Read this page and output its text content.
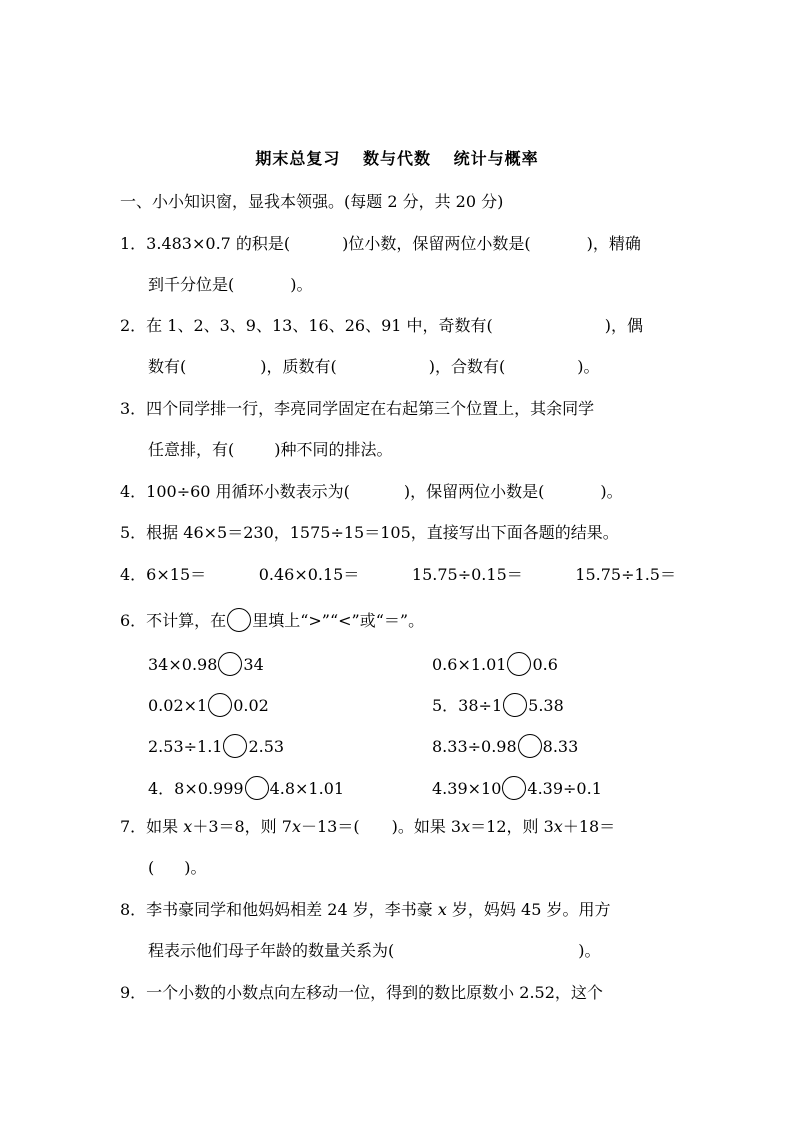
期末总复习 数与代数 统计与概率
一、小小知识窗，显我本领强。(每题 2 分，共 20 分)
1．3.483×0.7 的积是(	)位小数，保留两位小数是(	)，精确
到千分位是(	)。
2．在 1、2、3、9、13、16、26、91 中，奇数有(	)，偶
数有(	)，质数有(	)，合数有(	)。
3．四个同学排一行，李亮同学固定在右起第三个位置上，其余同学
任意排，有(	)种不同的排法。
4．100÷60 用循环小数表示为(	)，保留两位小数是(	)。
5．根据 46×5＝230，1575÷15＝105，直接写出下面各题的结果。
4．6×15＝	0.46×0.15＝	15.75÷0.15＝	15.75÷1.5＝
6．不计算，在 里填上“>”“<”或“＝”。
34×0.98 34	0.6×1.01 0.6
0.02×1 0.02	5．38÷1 5.38
2.53÷1.1 2.53	8.33÷0.98 8.33
4．8×0.999 4.8×1.01	4.39×10 4.39÷0.1
7．如果 x＋3＝8，则 7x－13＝( )。如果 3x＝12，则 3x＋18＝
( )。
8．李书豪同学和他妈妈相差 24 岁，李书豪 x 岁，妈妈 45 岁。用方
程表示他们母子年龄的数量关系为(	)。
9．一个小数的小数点向左移动一位，得到的数比原数小 2.52，这个
